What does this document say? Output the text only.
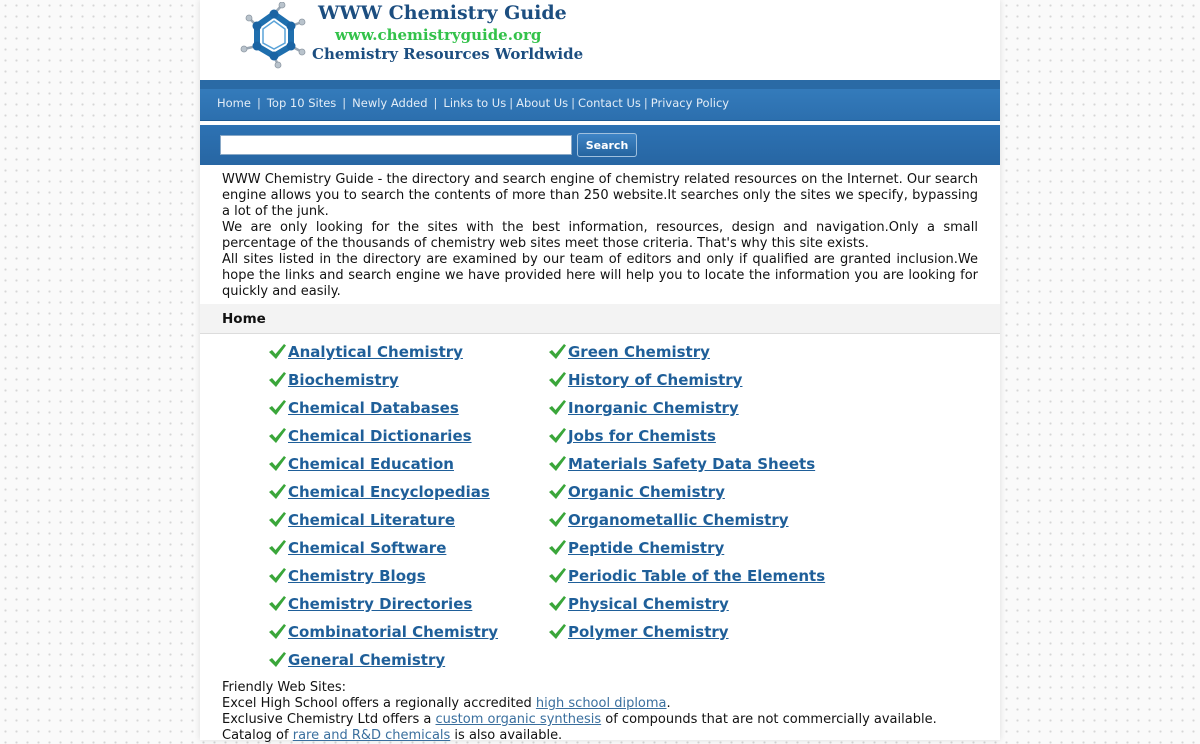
WWW Chemistry Guide
www.chemistryguide.org
Chemistry Resources Worldwide
Home | Top 10 Sites | Newly Added | Links to Us | About Us | Contact Us | Privacy Policy
Search

WWW Chemistry Guide - the directory and search engine of chemistry related resources on the Internet. Our search engine allows you to search the contents of more than 250 website.It searches only the sites we specify, bypassing a lot of the junk.

We are only looking for the sites with the best information, resources, design and navigation.Only a small percentage of the thousands of chemistry web sites meet those criteria. That's why this site exists.

All sites listed in the directory are examined by our team of editors and only if qualified are granted inclusion.We hope the links and search engine we have provided here will help you to locate the information you are looking for quickly and easily.

Home
Analytical Chemistry
Biochemistry
Chemical Databases
Chemical Dictionaries
Chemical Education
Chemical Encyclopedias
Chemical Literature
Chemical Software
Chemistry Blogs
Chemistry Directories
Combinatorial Chemistry
General Chemistry
Green Chemistry
History of Chemistry
Inorganic Chemistry
Jobs for Chemists
Materials Safety Data Sheets
Organic Chemistry
Organometallic Chemistry
Peptide Chemistry
Periodic Table of the Elements
Physical Chemistry
Polymer Chemistry
Friendly Web Sites:
Excel High School offers a regionally accredited high school diploma.
Exclusive Chemistry Ltd offers a custom organic synthesis of compounds that are not commercially available.
Catalog of rare and R&D chemicals is also available.
